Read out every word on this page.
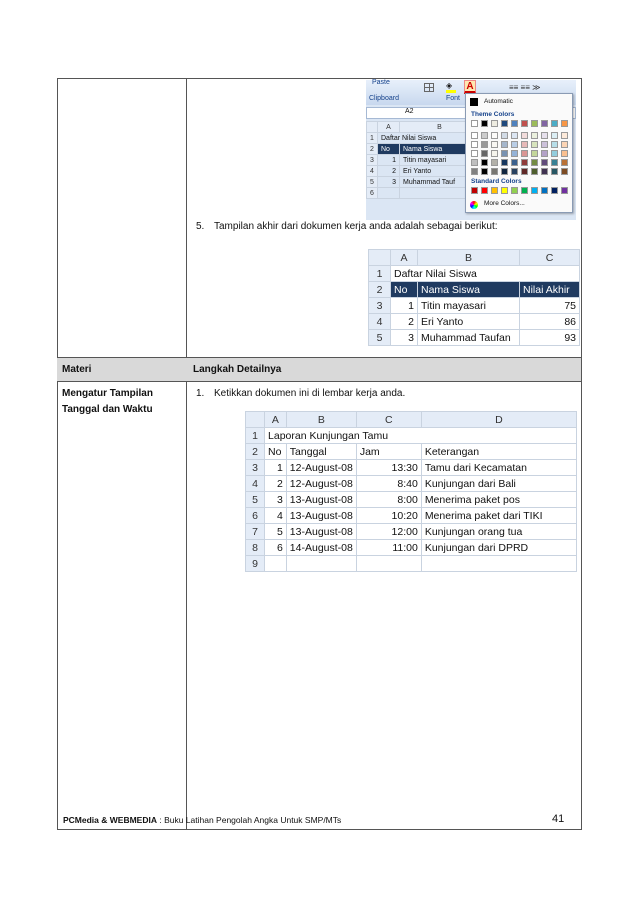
Materi	Langkah Detailnya
Paste
Clipboard	Font
◈	A	≡≡ ≡≡ ≫
A2
	A	B
1	Daftar Nilai Siswa	
2	No	Nama Siswa
3	1	Titin mayasari
4	2	Eri Yanto
5	3	Muhammad Tauf
6		
Automatic
Theme Colors
Standard Colors
More Colors...
5. Tampilan akhir dari dokumen kerja anda adalah sebagai berikut:
	A	B	C
1	Daftar Nilai Siswa		
2	No	Nama Siswa	Nilai Akhir
3	1	Titin mayasari	75
4	2	Eri Yanto	86
5	3	Muhammad Taufan	93
Mengatur Tampilan
Tanggal dan Waktu
1. Ketikkan dokumen ini di lembar kerja anda.
	A	B	C	D
1	Laporan Kunjungan Tamu			
2	No	Tanggal	Jam	Keterangan
3	1	12-August-08	13:30	Tamu dari Kecamatan
4	2	12-August-08	8:40	Kunjungan dari Bali
5	3	13-August-08	8:00	Menerima paket pos
6	4	13-August-08	10:20	Menerima paket dari TIKI
7	5	13-August-08	12:00	Kunjungan orang tua
8	6	14-August-08	11:00	Kunjungan dari DPRD
9				
PCMedia & WEBMEDIA : Buku Latihan Pengolah Angka Untuk SMP/MTs	41
